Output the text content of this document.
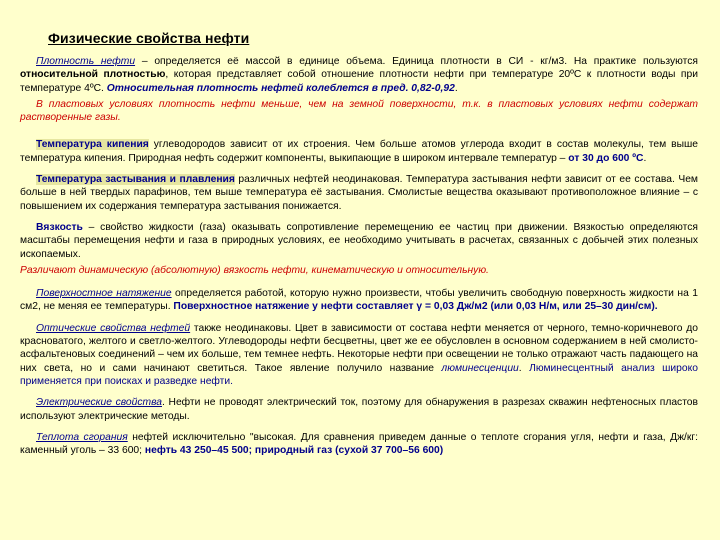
Физические свойства нефти

Плотность нефти – определяется её массой в единице объема. Единица плотности в СИ - кг/м3. На практике пользуются относительной плотностью, которая представляет собой отношение плотности нефти при температуре 20ºС к плотности воды при температуре 4ºС. Относительная плотность нефтей колеблется в пред. 0,82-0,92.

В пластовых условиях плотность нефти меньше, чем на земной поверхности, т.к. в пластовых условиях нефти содержат растворенные газы.

Температура кипения углеводородов зависит от их строения. Чем больше атомов углерода входит в состав молекулы, тем выше температура кипения. Природная нефть содержит компоненты, выкипающие в широком интервале температур – от 30 до 600 ºС.

Температура застывания и плавления различных нефтей неодинаковая. Температура застывания нефти зависит от ее состава. Чем больше в ней твердых парафинов, тем выше температура её застывания. Смолистые вещества оказывают противоположное влияние – с повышением их содержания температура застывания понижается.

Вязкость – свойство жидкости (газа) оказывать сопротивление перемещению ее частиц при движении. Вязкостью определяются масштабы перемещения нефти и газа в природных условиях, ее необходимо учитывать в расчетах, связанных с добычей этих полезных ископаемых.

Различают динамическую (абсолютную) вязкость нефти, кинематическую и относительную.

Поверхностное натяжение определяется работой, которую нужно произвести, чтобы увеличить свободную поверхность жидкости на 1 см2, не меняя ее температуры. Поверхностное натяжение у нефти составляет γ = 0,03 Дж/м2 (или 0,03 Н/м, или 25–30 дин/см).

Оптические свойства нефтей также неодинаковы. Цвет в зависимости от состава нефти меняется от черного, темно-коричневого до красноватого, желтого и светло-желтого. Углеводороды нефти бесцветны, цвет же ее обусловлен в основном содержанием в ней смолисто-асфальтеновых соединений – чем их больше, тем темнее нефть. Некоторые нефти при освещении не только отражают часть падающего на них света, но и сами начинают светиться. Такое явление получило название люминесценции. Люминесцентный анализ широко применяется при поисках и разведке нефти.

Электрические свойства. Нефти не проводят электрический ток, поэтому для обнаружения в разрезах скважин нефтеносных пластов используют электрические методы.

Теплота сгорания нефтей исключительно "высокая. Для сравнения приведем данные о теплоте сгорания угля, нефти и газа, Дж/кг: каменный уголь – 33 600; нефть 43 250–45 500; природный газ (сухой 37 700–56 600)
